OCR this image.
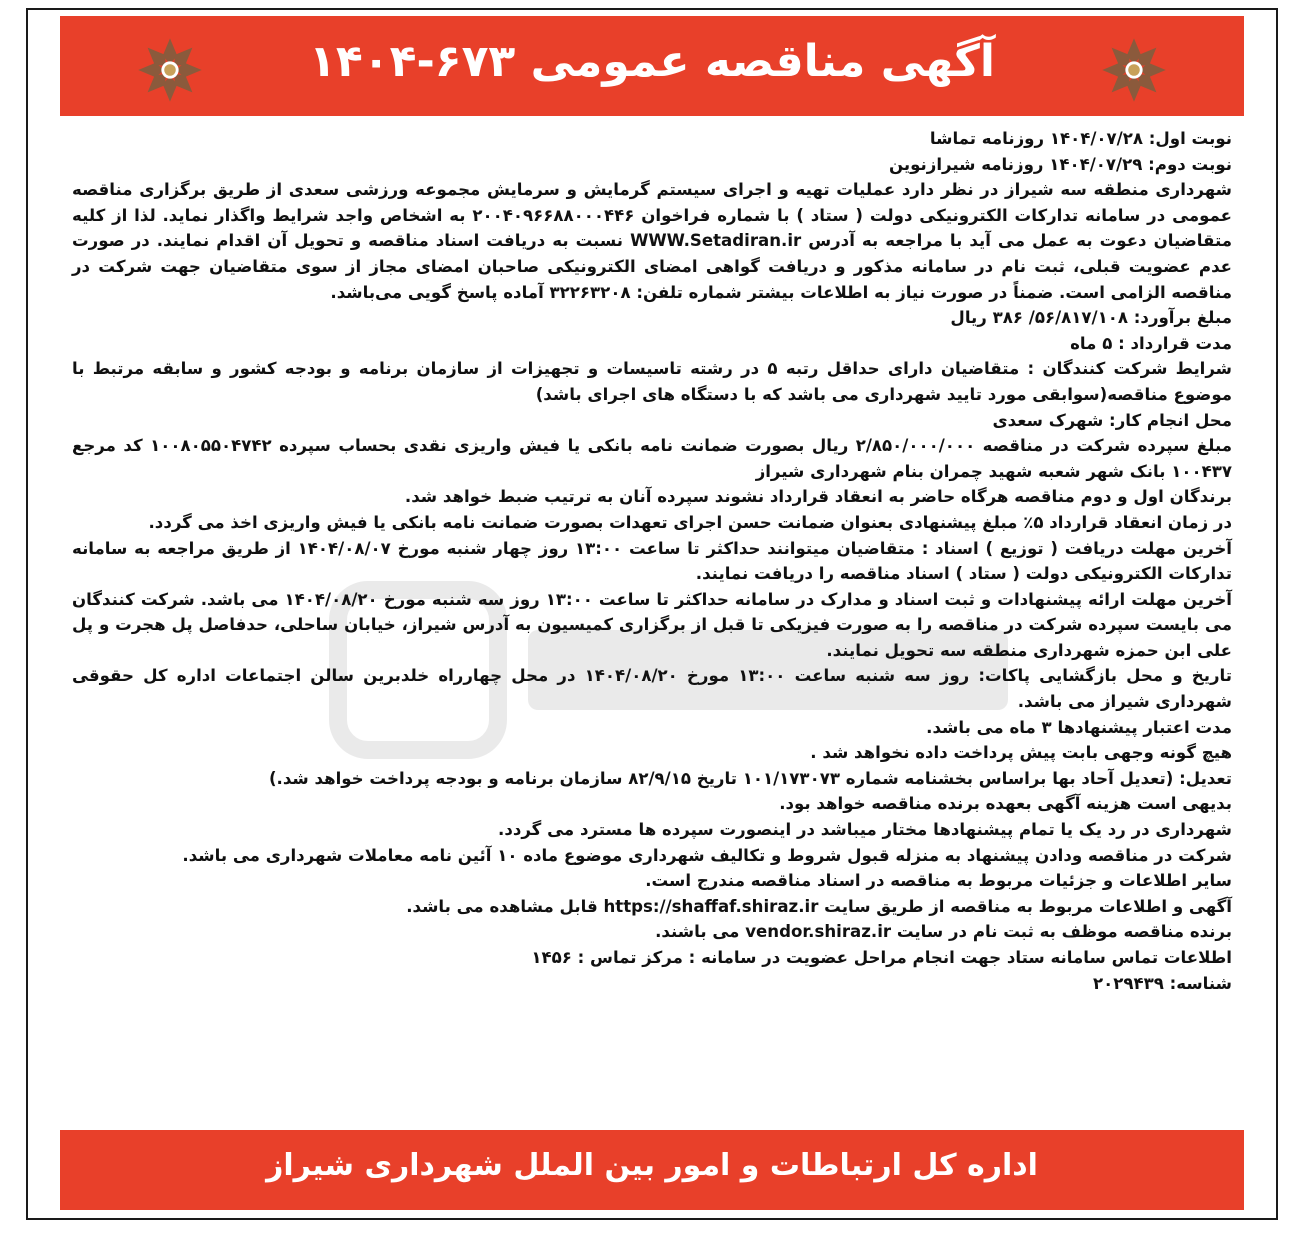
آگهی مناقصه عمومی ۶۷۳-۱۴۰۴

نوبت اول: ۱۴۰۴/۰۷/۲۸ روزنامه تماشا

نوبت دوم: ۱۴۰۴/۰۷/۲۹ روزنامه شیرازنوین

شهرداری منطقه سه شیراز در نظر دارد عملیات تهیه و اجرای سیستم گرمایش و سرمایش مجموعه ورزشی سعدی از طریق برگزاری مناقصه عمومی در سامانه تدارکات الکترونیکی دولت ( ستاد ) با شماره فراخوان ۲۰۰۴۰۹۶۶۸۸۰۰۰۴۴۶ به اشخاص واجد شرایط واگذار نماید. لذا از کلیه متقاضیان دعوت به عمل می آید با مراجعه به آدرس WWW.Setadiran.ir نسبت به دریافت اسناد مناقصه و تحویل آن اقدام نمایند. در صورت عدم عضویت قبلی، ثبت نام در سامانه مذکور و دریافت گواهی امضای الکترونیکی صاحبان امضای مجاز از سوی متقاضیان جهت شرکت در مناقصه الزامی است. ضمناً در صورت نیاز به اطلاعات بیشتر شماره تلفن: ۳۲۲۶۳۲۰۸ آماده پاسخ گویی می‌باشد.

مبلغ برآورد: ۵۶/۸۱۷/۱۰۸/ ۳۸۶ ریال

مدت قرارداد : ۵ ماه

شرایط شرکت کنندگان : متقاضیان دارای حداقل رتبه ۵ در رشته تاسیسات و تجهیزات از سازمان برنامه و بودجه کشور و سابقه مرتبط با موضوع مناقصه(سوابقی مورد تایید شهرداری می باشد که با دستگاه های اجرای باشد)

محل انجام کار: شهرک سعدی

مبلغ سپرده شرکت در مناقصه ۲/۸۵۰/۰۰۰/۰۰۰ ریال بصورت ضمانت نامه بانکی یا فیش واریزی نقدی بحساب سپرده ۱۰۰۸۰۵۵۰۴۷۴۲ کد مرجع ۱۰۰۴۳۷ بانک شهر شعبه شهید چمران بنام شهرداری شیراز

برندگان اول و دوم مناقصه هرگاه حاضر به انعقاد قرارداد نشوند سپرده آنان به ترتیب ضبط خواهد شد.

در زمان انعقاد قرارداد ۵٪ مبلغ پیشنهادی بعنوان ضمانت حسن اجرای تعهدات بصورت ضمانت نامه بانکی یا فیش واریزی اخذ می گردد.

آخرین مهلت دریافت ( توزیع ) اسناد : متقاضیان میتوانند حداکثر تا ساعت ۱۳:۰۰ روز چهار شنبه مورخ ۱۴۰۴/۰۸/۰۷ از طریق مراجعه به سامانه تدارکات الکترونیکی دولت ( ستاد ) اسناد مناقصه را دریافت نمایند.

آخرین مهلت ارائه پیشنهادات و ثبت اسناد و مدارک در سامانه حداکثر تا ساعت ۱۳:۰۰ روز سه شنبه مورخ ۱۴۰۴/۰۸/۲۰ می باشد. شرکت کنندگان می بایست سپرده شرکت در مناقصه را به صورت فیزیکی تا قبل از برگزاری کمیسیون به آدرس شیراز، خیابان ساحلی، حدفاصل پل هجرت و پل علی ابن حمزه شهرداری منطقه سه تحویل نمایند.

تاریخ و محل بازگشایی پاکات: روز سه شنبه ساعت ۱۳:۰۰ مورخ ۱۴۰۴/۰۸/۲۰ در محل چهارراه خلدبرین سالن اجتماعات اداره کل حقوقی شهرداری شیراز می باشد.

مدت اعتبار پیشنهادها ۳ ماه می باشد.

هیچ گونه وجهی بابت پیش پرداخت داده نخواهد شد .

تعدیل: (تعدیل آحاد بها براساس بخشنامه شماره ۱۰۱/۱۷۳۰۷۳ تاریخ ۸۲/۹/۱۵ سازمان برنامه و بودجه پرداخت خواهد شد.)

بدیهی است هزینه آگهی بعهده برنده مناقصه خواهد بود.

شهرداری در رد یک یا تمام پیشنهادها مختار میباشد در اینصورت سپرده ها مسترد می گردد.

شرکت در مناقصه ودادن پیشنهاد به منزله قبول شروط و تکالیف شهرداری موضوع ماده ۱۰ آئین نامه معاملات شهرداری می باشد.

سایر اطلاعات و جزئیات مربوط به مناقصه در اسناد مناقصه مندرج است.

آگهی و اطلاعات مربوط به مناقصه از طریق سایت https://shaffaf.shiraz.ir قابل مشاهده می باشد.

برنده مناقصه موظف به ثبت نام در سایت vendor.shiraz.ir می باشند.

اطلاعات تماس سامانه ستاد جهت انجام مراحل عضویت در سامانه : مرکز تماس : ۱۴۵۶

شناسه: ۲۰۲۹۴۳۹

اداره کل ارتباطات و امور بین الملل شهرداری شیراز
